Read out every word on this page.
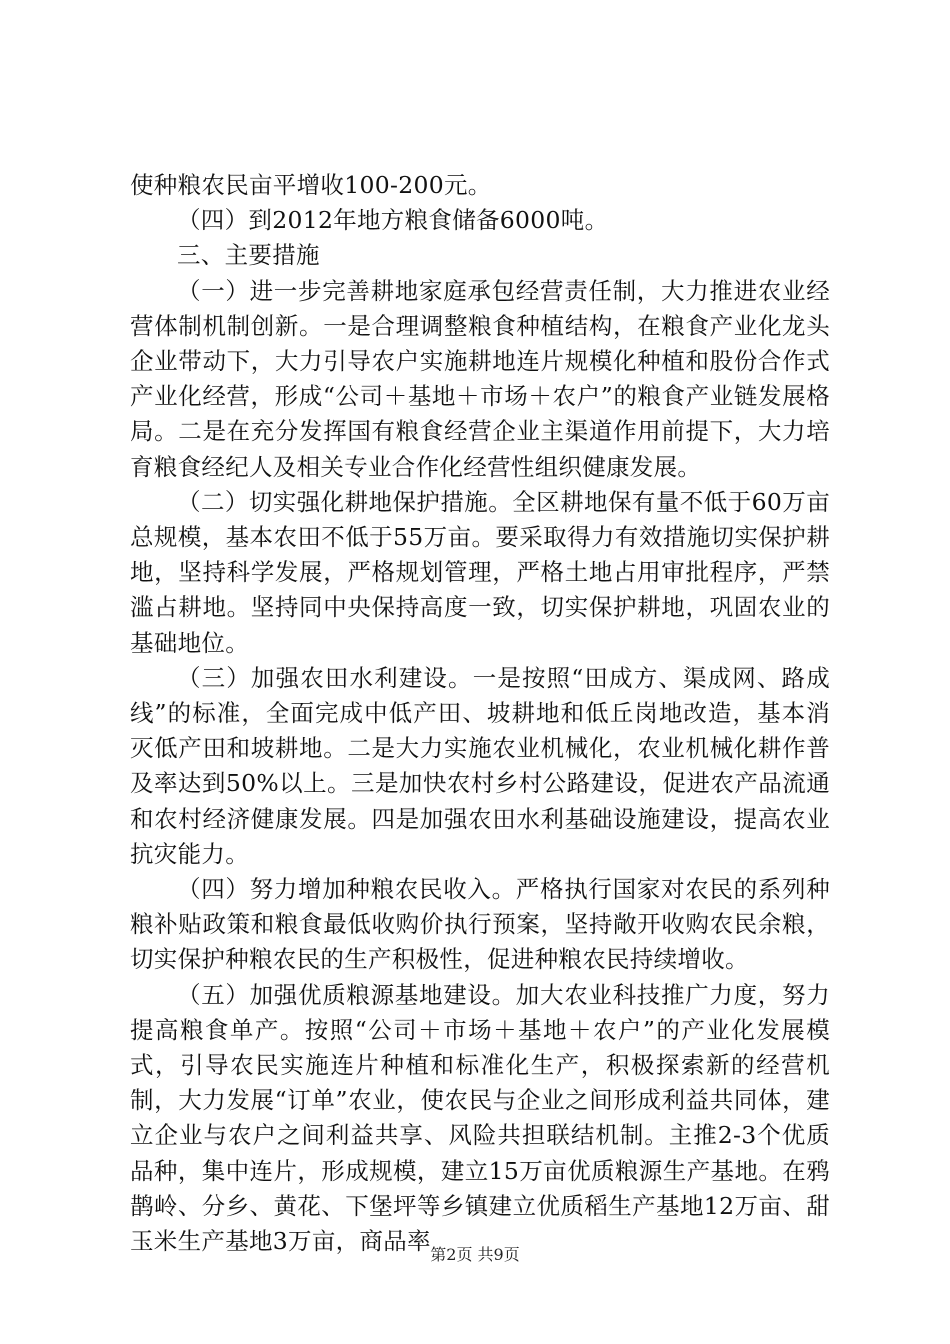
使种粮农民亩平增收100-200元。

（四）到2012年地方粮食储备6000吨。

三、主要措施

（一）进一步完善耕地家庭承包经营责任制，大力推进农业经营体制机制创新。一是合理调整粮食种植结构，在粮食产业化龙头企业带动下，大力引导农户实施耕地连片规模化种植和股份合作式产业化经营，形成“公司＋基地＋市场＋农户”的粮食产业链发展格局。二是在充分发挥国有粮食经营企业主渠道作用前提下，大力培育粮食经纪人及相关专业合作化经营性组织健康发展。

（二）切实强化耕地保护措施。全区耕地保有量不低于60万亩总规模，基本农田不低于55万亩。要采取得力有效措施切实保护耕地，坚持科学发展，严格规划管理，严格土地占用审批程序，严禁滥占耕地。坚持同中央保持高度一致，切实保护耕地，巩固农业的基础地位。

（三）加强农田水利建设。一是按照“田成方、渠成网、路成线”的标准，全面完成中低产田、坡耕地和低丘岗地改造，基本消灭低产田和坡耕地。二是大力实施农业机械化，农业机械化耕作普及率达到50%以上。三是加快农村乡村公路建设，促进农产品流通和农村经济健康发展。四是加强农田水利基础设施建设，提高农业抗灾能力。

（四）努力增加种粮农民收入。严格执行国家对农民的系列种粮补贴政策和粮食最低收购价执行预案，坚持敞开收购农民余粮，切实保护种粮农民的生产积极性，促进种粮农民持续增收。

（五）加强优质粮源基地建设。加大农业科技推广力度，努力提高粮食单产。按照“公司＋市场＋基地＋农户”的产业化发展模式，引导农民实施连片种植和标准化生产，积极探索新的经营机制，大力发展“订单”农业，使农民与企业之间形成利益共同体，建立企业与农户之间利益共享、风险共担联结机制。主推2-3个优质品种，集中连片，形成规模，建立15万亩优质粮源生产基地。在鸦鹊岭、分乡、黄花、下堡坪等乡镇建立优质稻生产基地12万亩、甜玉米生产基地3万亩，商品率 第2页 共9页
